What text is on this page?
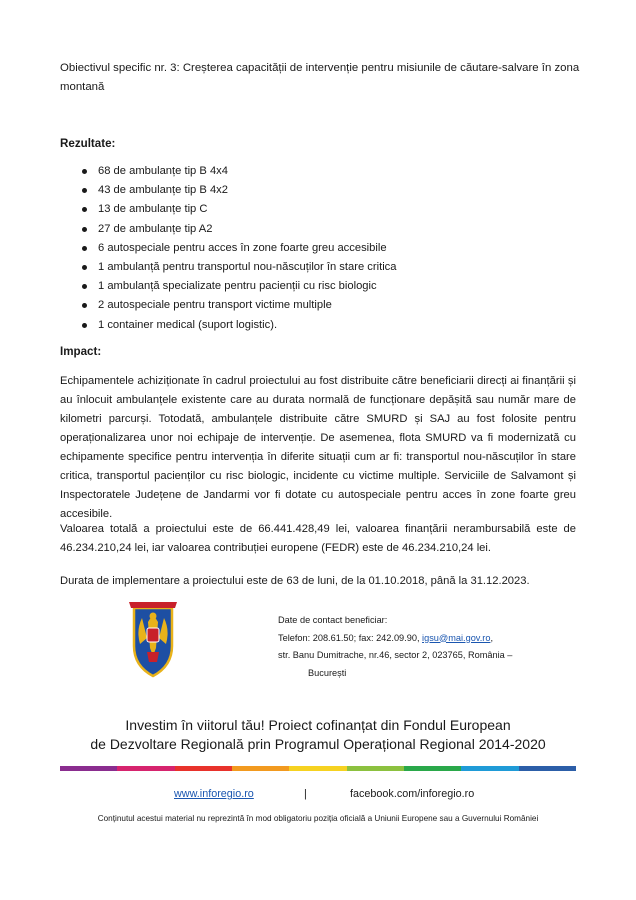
Obiectivul specific nr. 3: Creșterea capacității de intervenție pentru misiunile de căutare-salvare în zona montană
Rezultate:
68 de ambulanțe tip B 4x4
43 de ambulanțe tip B 4x2
13 de ambulanțe tip C
27 de ambulanțe tip A2
6 autospeciale pentru acces în zone foarte greu accesibile
1 ambulanță pentru transportul nou-născuților în stare critica
1 ambulanță specializate pentru pacienții cu risc biologic
2 autospeciale pentru transport victime multiple
1 container medical (suport logistic).
Impact:
Echipamentele achiziționate în cadrul proiectului au fost distribuite către beneficiarii direcți ai finanțării și au înlocuit ambulanțele existente care au durata normală de funcționare depășită sau număr mare de kilometri parcurși. Totodată, ambulanțele distribuite către SMURD și SAJ au fost folosite pentru operaționalizarea unor noi echipaje de intervenție. De asemenea, flota SMURD va fi modernizată cu echipamente specifice pentru intervenția în diferite situații cum ar fi: transportul nou-născuților în stare critica, transportul pacienților cu risc biologic, incidente cu victime multiple. Serviciile de Salvamont și Inspectoratele Județene de Jandarmi vor fi dotate cu autospeciale pentru acces în zone foarte greu accesibile.
Valoarea totală a proiectului este de 66.441.428,49 lei, valoarea finanțării nerambursabilă este de 46.234.210,24 lei, iar valoarea contribuției europene (FEDR) este de 46.234.210,24 lei.
Durata de implementare a proiectului este de 63 de luni, de la 01.10.2018, până la 31.12.2023.
Date de contact beneficiar:
Telefon: 208.61.50; fax: 242.09.90, igsu@mai.gov.ro,
str. Banu Dumitrache, nr.46, sector 2, 023765, România –
București
Investim în viitorul tău! Proiect cofinanțat din Fondul European
de Dezvoltare Regională prin Programul Operațional Regional 2014-2020
www.inforegio.ro	|	facebook.com/inforegio.ro
Conținutul acestui material nu reprezintă în mod obligatoriu poziția oficială a Uniunii Europene sau a Guvernului României
